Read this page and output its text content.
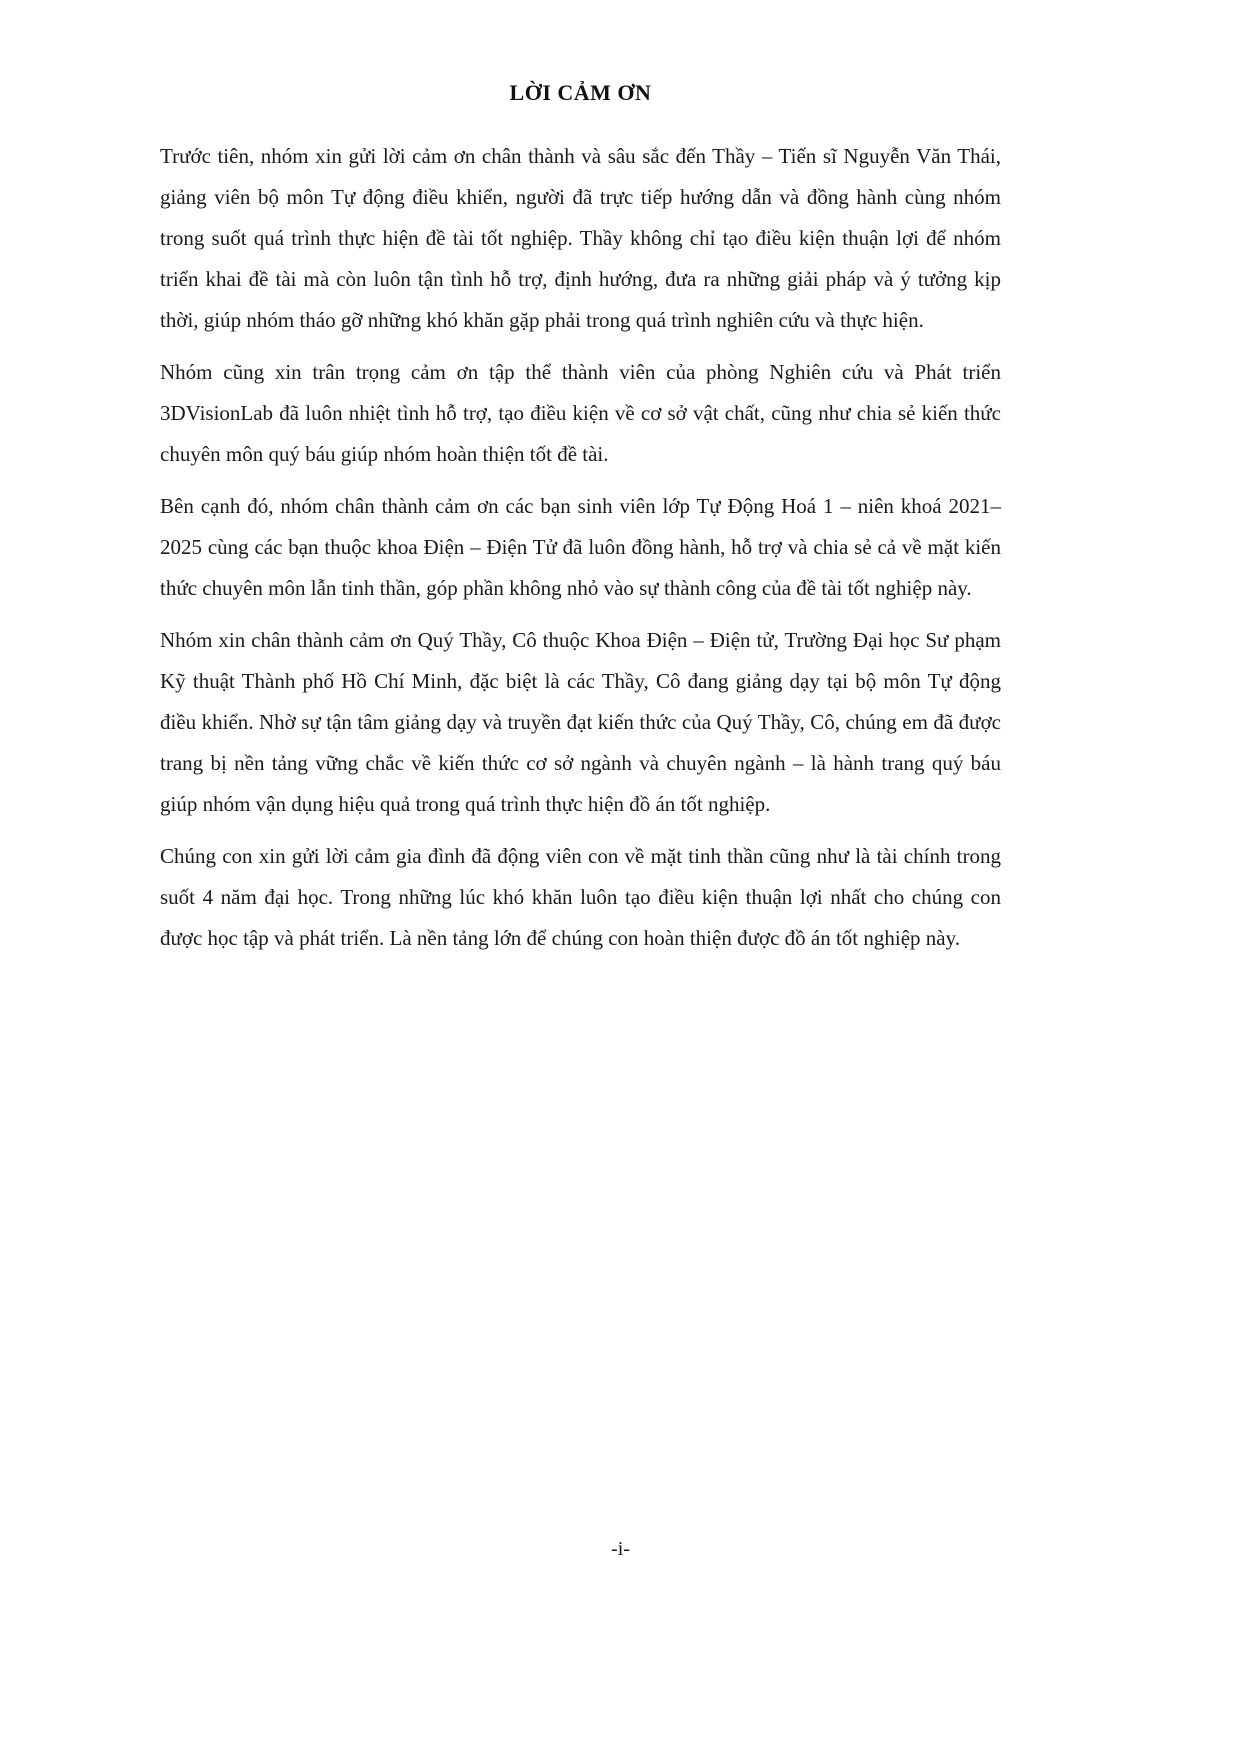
LỜI CẢM ƠN

Trước tiên, nhóm xin gửi lời cảm ơn chân thành và sâu sắc đến Thầy – Tiến sĩ Nguyễn Văn Thái, giảng viên bộ môn Tự động điều khiển, người đã trực tiếp hướng dẫn và đồng hành cùng nhóm trong suốt quá trình thực hiện đề tài tốt nghiệp. Thầy không chỉ tạo điều kiện thuận lợi để nhóm triển khai đề tài mà còn luôn tận tình hỗ trợ, định hướng, đưa ra những giải pháp và ý tưởng kịp thời, giúp nhóm tháo gỡ những khó khăn gặp phải trong quá trình nghiên cứu và thực hiện.

Nhóm cũng xin trân trọng cảm ơn tập thể thành viên của phòng Nghiên cứu và Phát triển 3DVisionLab đã luôn nhiệt tình hỗ trợ, tạo điều kiện về cơ sở vật chất, cũng như chia sẻ kiến thức chuyên môn quý báu giúp nhóm hoàn thiện tốt đề tài.

Bên cạnh đó, nhóm chân thành cảm ơn các bạn sinh viên lớp Tự Động Hoá 1 – niên khoá 2021–2025 cùng các bạn thuộc khoa Điện – Điện Tử đã luôn đồng hành, hỗ trợ và chia sẻ cả về mặt kiến thức chuyên môn lẫn tinh thần, góp phần không nhỏ vào sự thành công của đề tài tốt nghiệp này.

Nhóm xin chân thành cảm ơn Quý Thầy, Cô thuộc Khoa Điện – Điện tử, Trường Đại học Sư phạm Kỹ thuật Thành phố Hồ Chí Minh, đặc biệt là các Thầy, Cô đang giảng dạy tại bộ môn Tự động điều khiển. Nhờ sự tận tâm giảng dạy và truyền đạt kiến thức của Quý Thầy, Cô, chúng em đã được trang bị nền tảng vững chắc về kiến thức cơ sở ngành và chuyên ngành – là hành trang quý báu giúp nhóm vận dụng hiệu quả trong quá trình thực hiện đồ án tốt nghiệp.

Chúng con xin gửi lời cảm gia đình đã động viên con về mặt tinh thần cũng như là tài chính trong suốt 4 năm đại học. Trong những lúc khó khăn luôn tạo điều kiện thuận lợi nhất cho chúng con được học tập và phát triển. Là nền tảng lớn để chúng con hoàn thiện được đồ án tốt nghiệp này.

-i-
